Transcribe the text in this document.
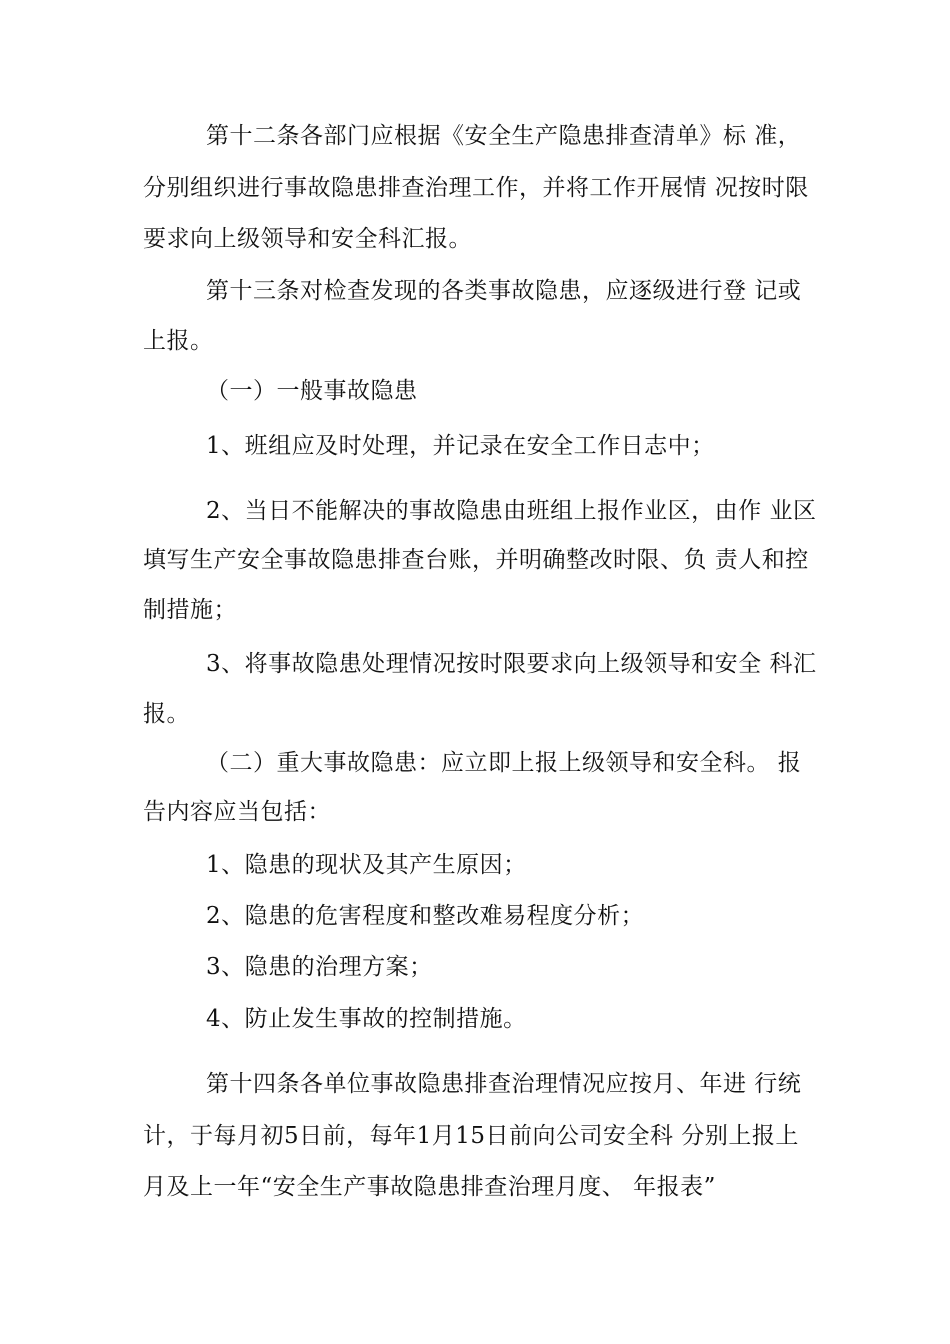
第十二条各部门应根据《安全生产隐患排查清单》标 准，
分别组织进行事故隐患排查治理工作，并将工作开展情 况按时限
要求向上级领导和安全科汇报。
第十三条对检查发现的各类事故隐患，应逐级进行登 记或
上报。
（一）一般事故隐患
1、班组应及时处理，并记录在安全工作日志中；
2、当日不能解决的事故隐患由班组上报作业区，由作 业区
填写生产安全事故隐患排查台账，并明确整改时限、负 责人和控
制措施；
3、将事故隐患处理情况按时限要求向上级领导和安全 科汇
报。
（二）重大事故隐患：应立即上报上级领导和安全科。 报
告内容应当包括：
1、隐患的现状及其产生原因；
2、隐患的危害程度和整改难易程度分析；
3、隐患的治理方案；
4、防止发生事故的控制措施。
第十四条各单位事故隐患排查治理情况应按月、年进 行统
计，于每月初5日前，每年1月15日前向公司安全科 分别上报上
月及上一年“安全生产事故隐患排查治理月度、 年报表”
